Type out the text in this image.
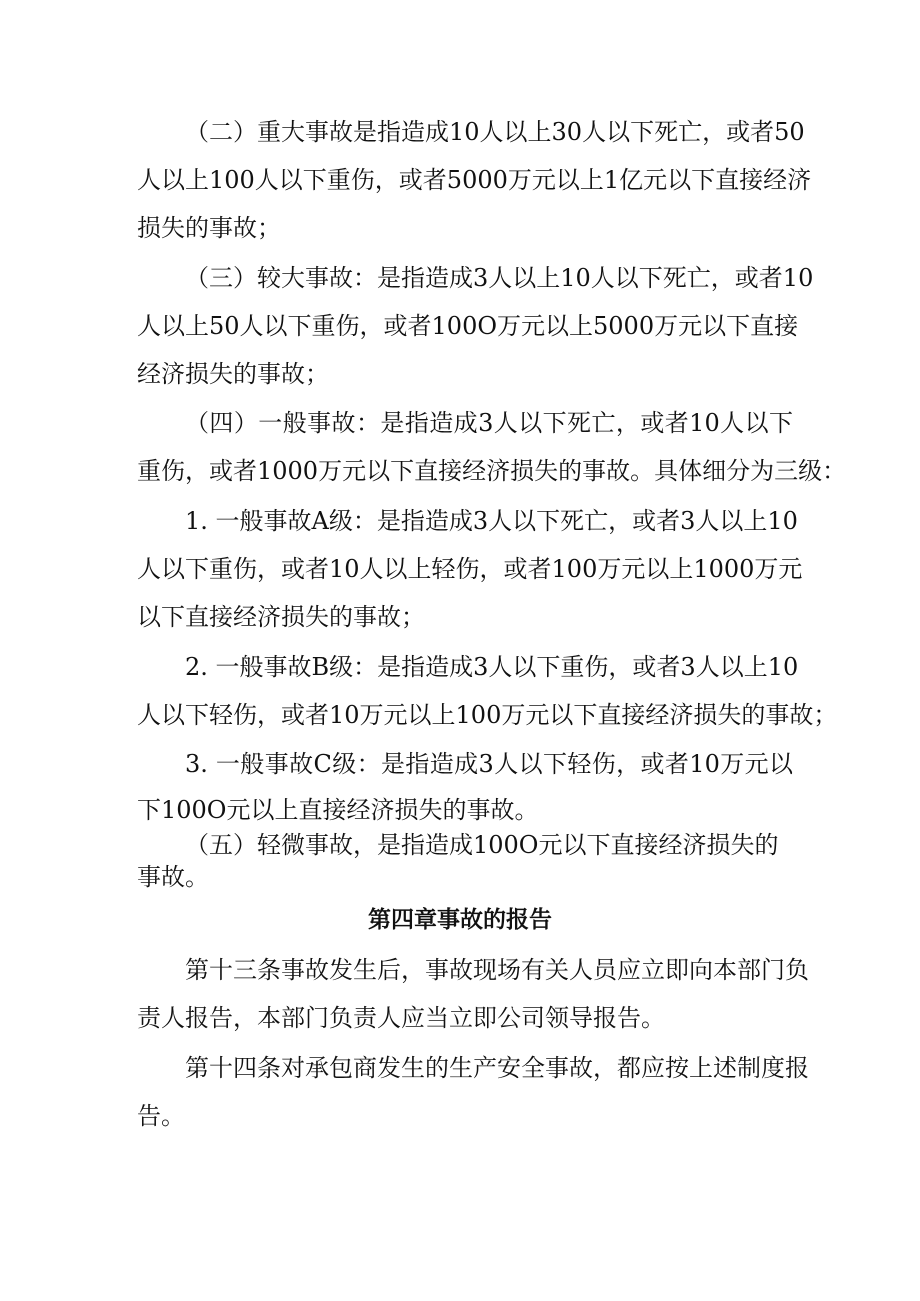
（二）重大事故是指造成10人以上30人以下死亡，或者50
人以上100人以下重伤，或者5000万元以上1亿元以下直接经济
损失的事故；
（三）较大事故：是指造成3人以上10人以下死亡，或者10
人以上50人以下重伤，或者100O万元以上5000万元以下直接
经济损失的事故；
（四）一般事故：是指造成3人以下死亡，或者10人以下
重伤，或者1000万元以下直接经济损失的事故。具体细分为三级：
1. 一般事故A级：是指造成3人以下死亡，或者3人以上10
人以下重伤，或者10人以上轻伤，或者100万元以上1000万元
以下直接经济损失的事故；
2. 一般事故B级：是指造成3人以下重伤，或者3人以上10
人以下轻伤，或者10万元以上100万元以下直接经济损失的事故；
3. 一般事故C级：是指造成3人以下轻伤，或者10万元以
下100O元以上直接经济损失的事故。
（五）轻微事故，是指造成100O元以下直接经济损失的
事故。
第四章事故的报告
第十三条事故发生后，事故现场有关人员应立即向本部门负
责人报告，本部门负责人应当立即公司领导报告。
第十四条对承包商发生的生产安全事故，都应按上述制度报
告。
